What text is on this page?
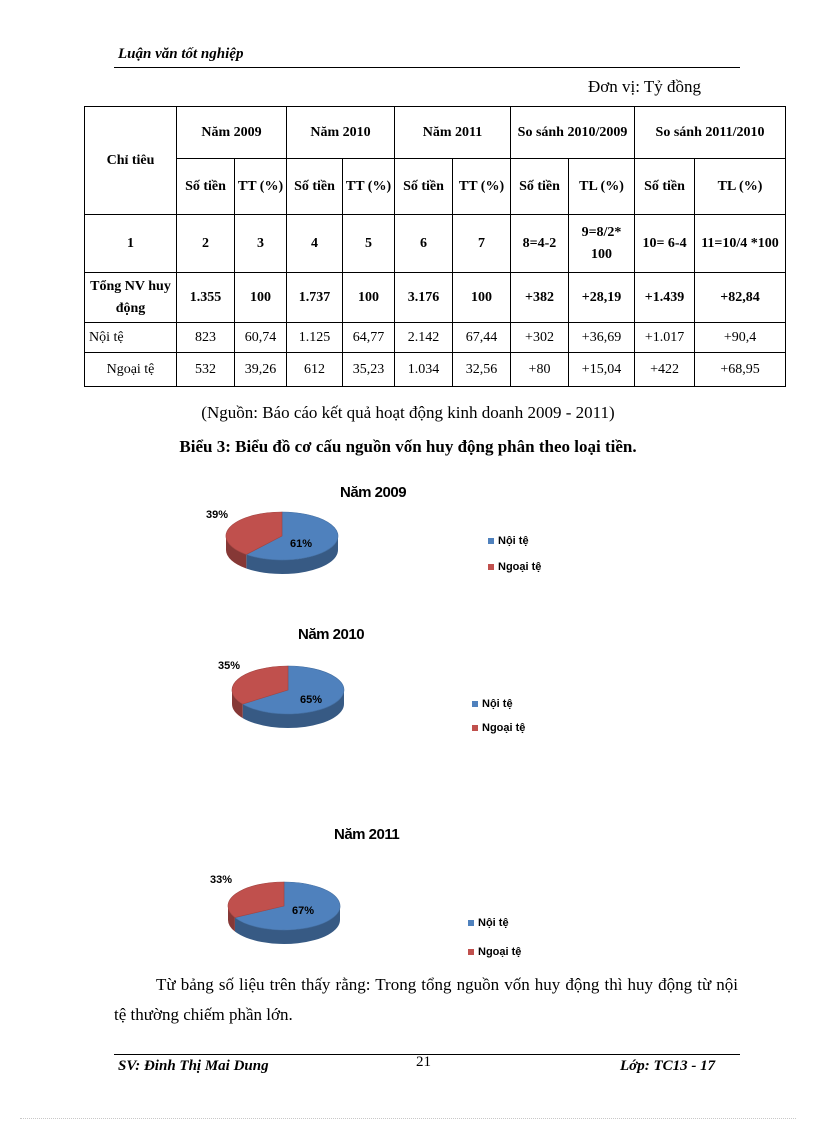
Luận văn tốt nghiệp
Đơn vị: Tỷ đồng
Chỉ tiêu	Năm 2009		Năm 2010		Năm 2011		So sánh 2010/2009		So sánh 2011/2010	
	Số tiền	TT (%)	Số tiền	TT (%)	Số tiền	TT (%)	Số tiền	TL (%)	Số tiền	TL (%)
1	2	3	4	5	6	7	8=4-2	9=8/2* 100	10= 6-4	11=10/4 *100
Tổng NV huy động	1.355	100	1.737	100	3.176	100	+382	+28,19	+1.439	+82,84
Nội tệ	823	60,74	1.125	64,77	2.142	67,44	+302	+36,69	+1.017	+90,4
Ngoại tệ	532	39,26	612	35,23	1.034	32,56	+80	+15,04	+422	+68,95
(Nguồn: Báo cáo kết quả hoạt động kinh doanh 2009 - 2011)
Biểu 3: Biểu đồ cơ cấu nguồn vốn huy động phân theo loại tiền.
Năm 2009
39%
61%	Nội tệ
Ngoại tệ
Năm 2010
35%
65%	Nội tệ
Ngoại tệ
Năm 2011
33%
67%
Nội tệ
Ngoại tệ
Từ bảng số liệu trên thấy rằng: Trong tổng nguồn vốn huy động thì huy động từ nội tệ thường chiếm phần lớn.
SV: Đinh Thị Mai Dung	21	Lớp: TC13 - 17
